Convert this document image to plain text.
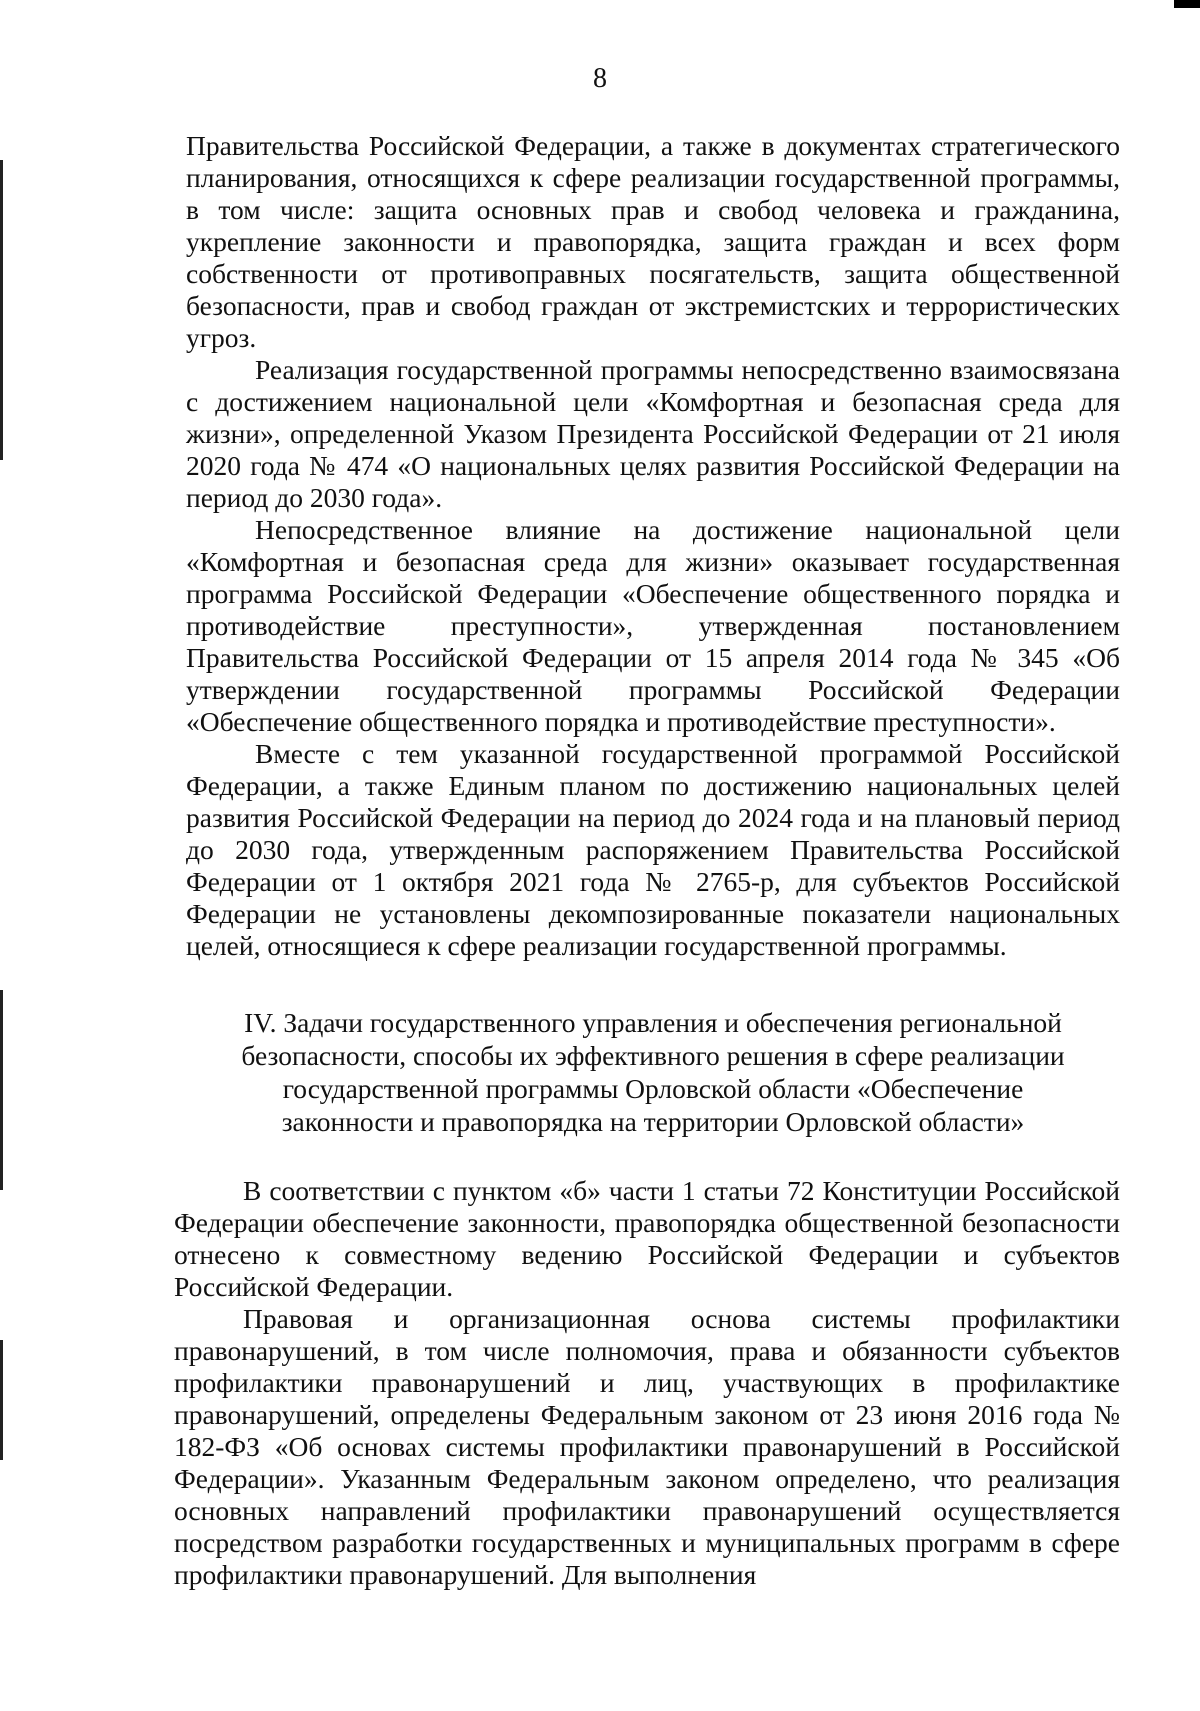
8

Правительства Российской Федерации, а также в документах стратегического планирования, относящихся к сфере реализации государственной программы, в том числе: защита основных прав и свобод человека и гражданина, укрепление законности и правопорядка, защита граждан и всех форм собственности от противоправных посягательств, защита общественной безопасности, прав и свобод граждан от экстремистских и террористических угроз.

Реализация государственной программы непосредственно взаимосвязана с достижением национальной цели «Комфортная и безопасная среда для жизни», определенной Указом Президента Российской Федерации от 21 июля 2020 года № 474 «О национальных целях развития Российской Федерации на период до 2030 года».

Непосредственное влияние на достижение национальной цели «Комфортная и безопасная среда для жизни» оказывает государственная программа Российской Федерации «Обеспечение общественного порядка и противодействие преступности», утвержденная постановлением Правительства Российской Федерации от 15 апреля 2014 года № 345 «Об утверждении государственной программы Российской Федерации «Обеспечение общественного порядка и противодействие преступности».

Вместе с тем указанной государственной программой Российской Федерации, а также Единым планом по достижению национальных целей развития Российской Федерации на период до 2024 года и на плановый период до 2030 года, утвержденным распоряжением Правительства Российской Федерации от 1 октября 2021 года № 2765-р, для субъектов Российской Федерации не установлены декомпозированные показатели национальных целей, относящиеся к сфере реализации государственной программы.

IV. Задачи государственного управления и обеспечения региональной
безопасности, способы их эффективного решения в сфере реализации
государственной программы Орловской области «Обеспечение
законности и правопорядка на территории Орловской области»

В соответствии с пунктом «б» части 1 статьи 72 Конституции Российской Федерации обеспечение законности, правопорядка общественной безопасности отнесено к совместному ведению Российской Федерации и субъектов Российской Федерации.

Правовая и организационная основа системы профилактики правонарушений, в том числе полномочия, права и обязанности субъектов профилактики правонарушений и лиц, участвующих в профилактике правонарушений, определены Федеральным законом от 23 июня 2016 года № 182-ФЗ «Об основах системы профилактики правонарушений в Российской Федерации». Указанным Федеральным законом определено, что реализация основных направлений профилактики правонарушений осуществляется посредством разработки государственных и муниципальных программ в сфере профилактики правонарушений. Для выполнения
